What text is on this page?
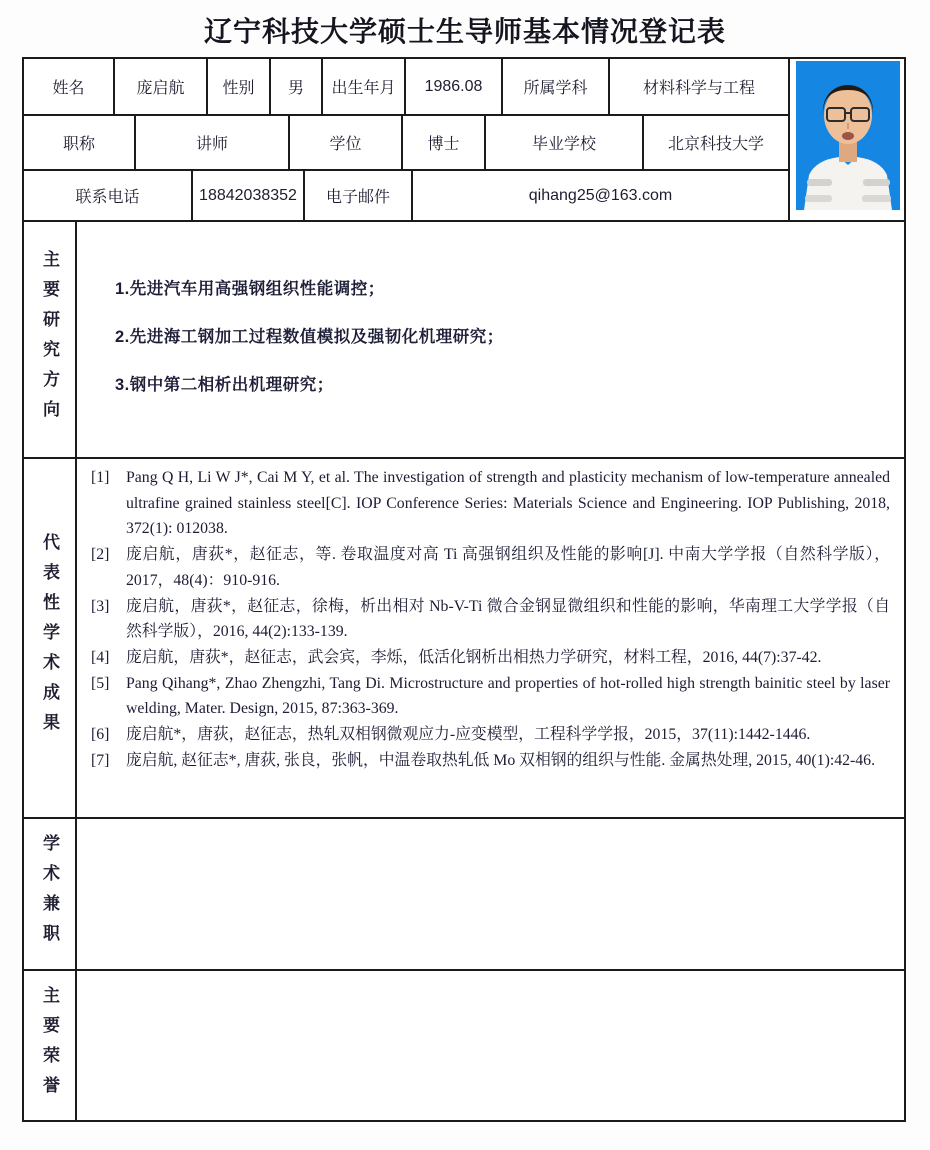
辽宁科技大学硕士生导师基本情况登记表
姓名	庞启航	性别	男	出生年月	1986.08	所属学科	材料科学与工程
职称	讲师	学位	博士	毕业学校	北京科技大学
联系电话	18842038352	电子邮件	qihang25@163.com
主要研究方向	1.先进汽车用高强钢组织性能调控；
2.先进海工钢加工过程数值模拟及强韧化机理研究；
3.钢中第二相析出机理研究；
代表性学术成果
[1] Pang Q H, Li W J*, Cai M Y, et al. The investigation of strength and plasticity mechanism of low-temperature annealed ultrafine grained stainless steel[C]. IOP Conference Series: Materials Science and Engineering. IOP Publishing, 2018, 372(1): 012038.
[2] 庞启航，唐荻*，赵征志，等. 卷取温度对高 Ti 高强钢组织及性能的影响[J]. 中南大学学报（自然科学版），2017，48(4)：910-916.
[3] 庞启航，唐荻*，赵征志，徐梅，析出相对 Nb-V-Ti 微合金钢显微组织和性能的影响，华南理工大学学报（自然科学版），2016, 44(2):133-139.
[4] 庞启航，唐荻*，赵征志，武会宾，李烁，低活化钢析出相热力学研究，材料工程，2016, 44(7):37-42.
[5] Pang Qihang*, Zhao Zhengzhi, Tang Di. Microstructure and properties of hot-rolled high strength bainitic steel by laser welding, Mater. Design, 2015, 87:363-369.
[6] 庞启航*，唐荻，赵征志，热轧双相钢微观应力-应变模型，工程科学学报，2015，37(11):1442-1446.
[7] 庞启航, 赵征志*, 唐荻, 张良，张帆，中温卷取热轧低 Mo 双相钢的组织与性能. 金属热处理, 2015, 40(1):42-46.
学术兼职
主要荣誉
